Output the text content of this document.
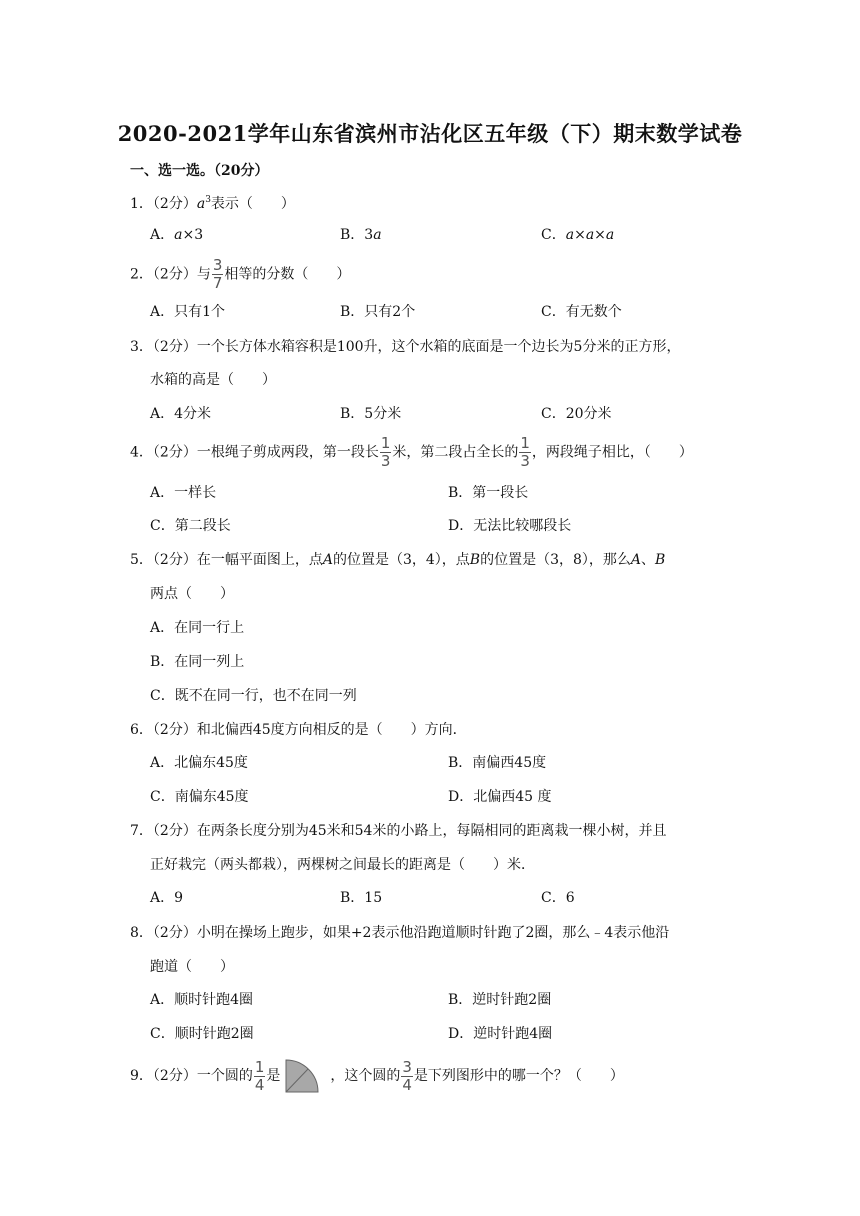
2020-2021学年山东省滨州市沾化区五年级（下）期末数学试卷
一、选一选。（20分）
1．（2分）$a^3$表示（　　）
A．a×3	B．3a	C．a×a×a
2．（2分）与 $\frac{3}{7}$ 相等的分数（　　）
A．只有1个	B．只有2个	C．有无数个
3．（2分）一个长方体水箱容积是100升，这个水箱的底面是一个边长为5分米的正方形，
水箱的高是（　　）
A．4分米	B．5分米	C．20分米
4．（2分）一根绳子剪成两段，第一段长 $\frac{1}{3}$ 米，第二段占全长的 $\frac{1}{3}$ ，两段绳子相比，（　　）
A．一样长	B．第一段长
C．第二段长	D．无法比较哪段长
5．（2分）在一幅平面图上，点A的位置是（3，4），点B的位置是（3，8），那么A、B
两点（　　）
A．在同一行上
B．在同一列上
C．既不在同一行，也不在同一列
6．（2分）和北偏西45度方向相反的是（　　）方向．
A．北偏东45度	B．南偏西45度
C．南偏东45度	D．北偏西45 度
7．（2分）在两条长度分别为45米和54米的小路上，每隔相同的距离栽一棵小树，并且
正好栽完（两头都栽），两棵树之间最长的距离是（　　）米．
A．9	B．15	C．6
8．（2分）小明在操场上跑步，如果+2表示他沿跑道顺时针跑了2圈，那么﹣4表示他沿
跑道（　　）
A．顺时针跑4圈	B．逆时针跑2圈
C．顺时针跑2圈	D．逆时针跑4圈
9．（2分）一个圆的 $\frac{1}{4}$ 是	，这个圆的 $\frac{3}{4}$ 是下列图形中的哪一个？（　　）
